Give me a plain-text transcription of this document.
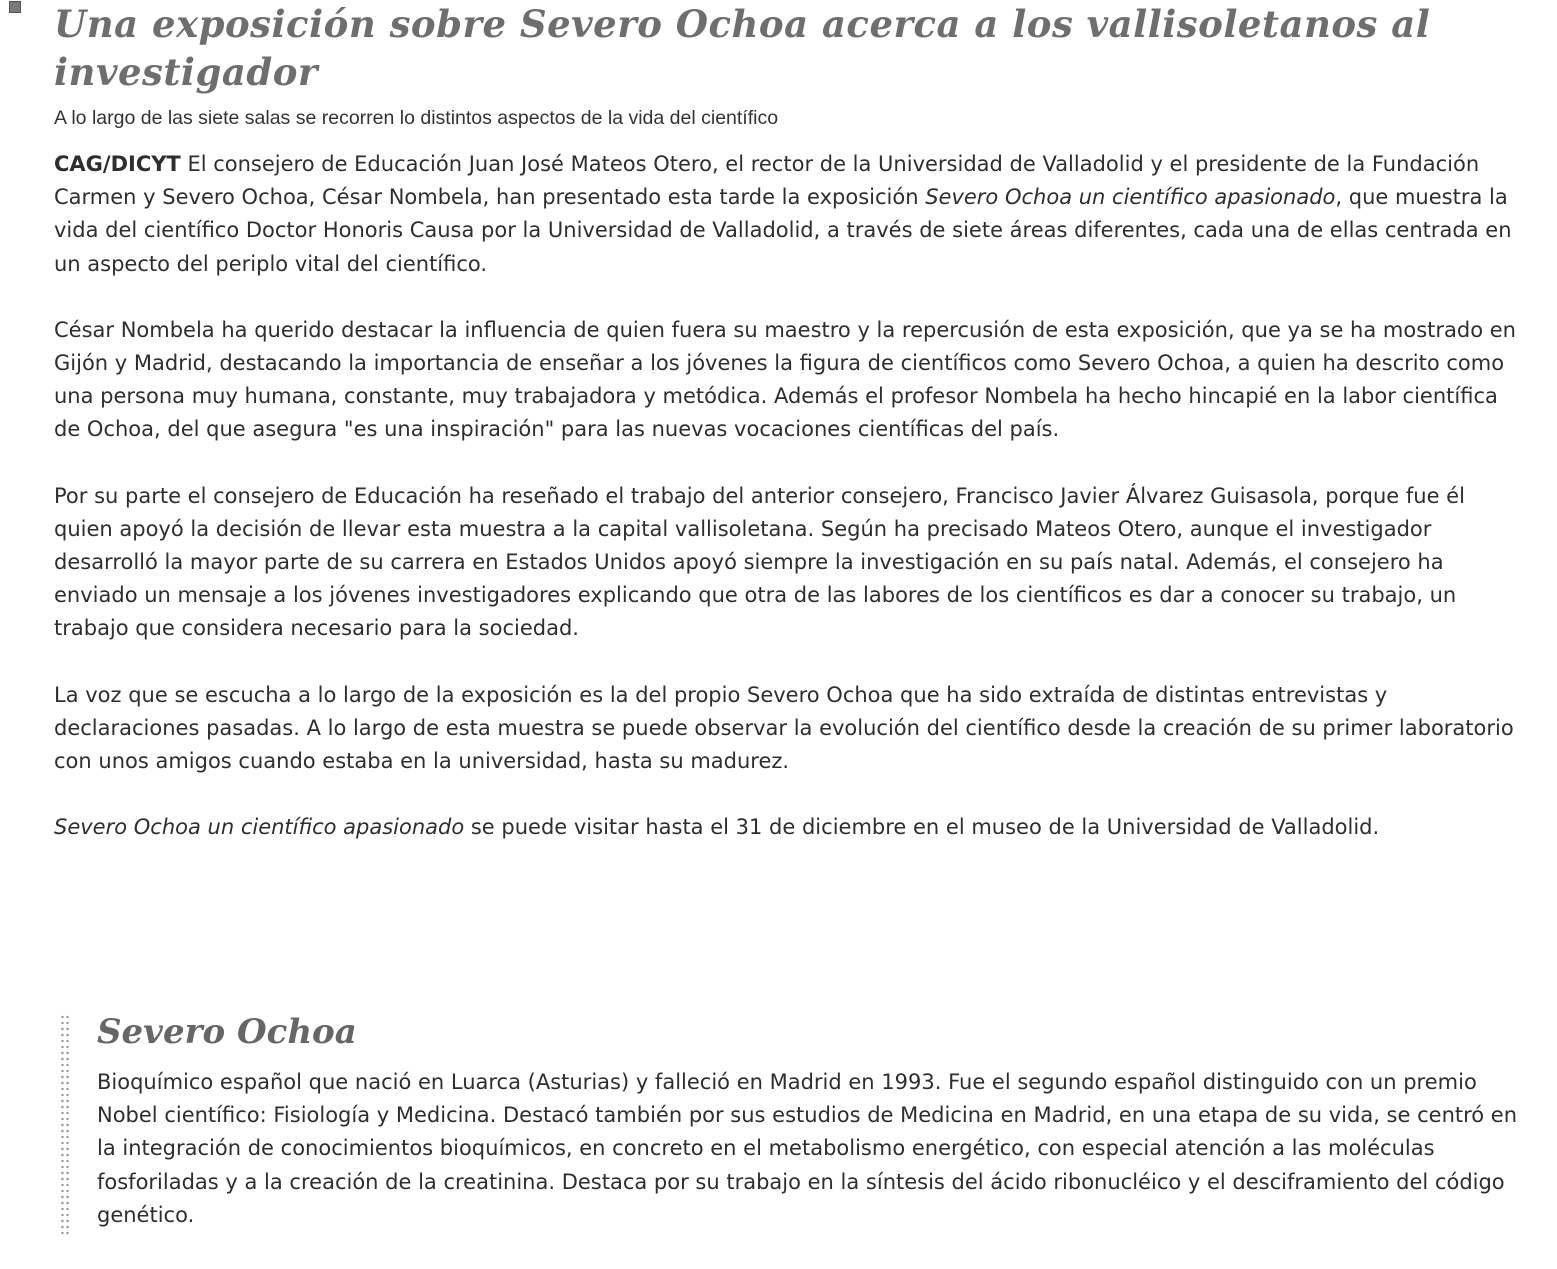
Una exposición sobre Severo Ochoa acerca a los vallisoletanos al investigador

A lo largo de las siete salas se recorren lo distintos aspectos de la vida del científico

CAG/DICYT El consejero de Educación Juan José Mateos Otero, el rector de la Universidad de Valladolid y el presidente de la Fundación Carmen y Severo Ochoa, César Nombela, han presentado esta tarde la exposición Severo Ochoa un científico apasionado, que muestra la vida del científico Doctor Honoris Causa por la Universidad de Valladolid, a través de siete áreas diferentes, cada una de ellas centrada en un aspecto del periplo vital del científico.

César Nombela ha querido destacar la influencia de quien fuera su maestro y la repercusión de esta exposición, que ya se ha mostrado en Gijón y Madrid, destacando la importancia de enseñar a los jóvenes la figura de científicos como Severo Ochoa, a quien ha descrito como una persona muy humana, constante, muy trabajadora y metódica. Además el profesor Nombela ha hecho hincapié en la labor científica de Ochoa, del que asegura "es una inspiración" para las nuevas vocaciones científicas del país.

Por su parte el consejero de Educación ha reseñado el trabajo del anterior consejero, Francisco Javier Álvarez Guisasola, porque fue él quien apoyó la decisión de llevar esta muestra a la capital vallisoletana. Según ha precisado Mateos Otero, aunque el investigador desarrolló la mayor parte de su carrera en Estados Unidos apoyó siempre la investigación en su país natal. Además, el consejero ha enviado un mensaje a los jóvenes investigadores explicando que otra de las labores de los científicos es dar a conocer su trabajo, un trabajo que considera necesario para la sociedad.

La voz que se escucha a lo largo de la exposición es la del propio Severo Ochoa que ha sido extraída de distintas entrevistas y declaraciones pasadas. A lo largo de esta muestra se puede observar la evolución del científico desde la creación de su primer laboratorio con unos amigos cuando estaba en la universidad, hasta su madurez.

Severo Ochoa un científico apasionado se puede visitar hasta el 31 de diciembre en el museo de la Universidad de Valladolid.

Severo Ochoa

Bioquímico español que nació en Luarca (Asturias) y falleció en Madrid en 1993. Fue el segundo español distinguido con un premio Nobel científico: Fisiología y Medicina. Destacó también por sus estudios de Medicina en Madrid, en una etapa de su vida, se centró en la integración de conocimientos bioquímicos, en concreto en el metabolismo energético, con especial atención a las moléculas fosforiladas y a la creación de la creatinina. Destaca por su trabajo en la síntesis del ácido ribonucléico y el desciframiento del código genético.
